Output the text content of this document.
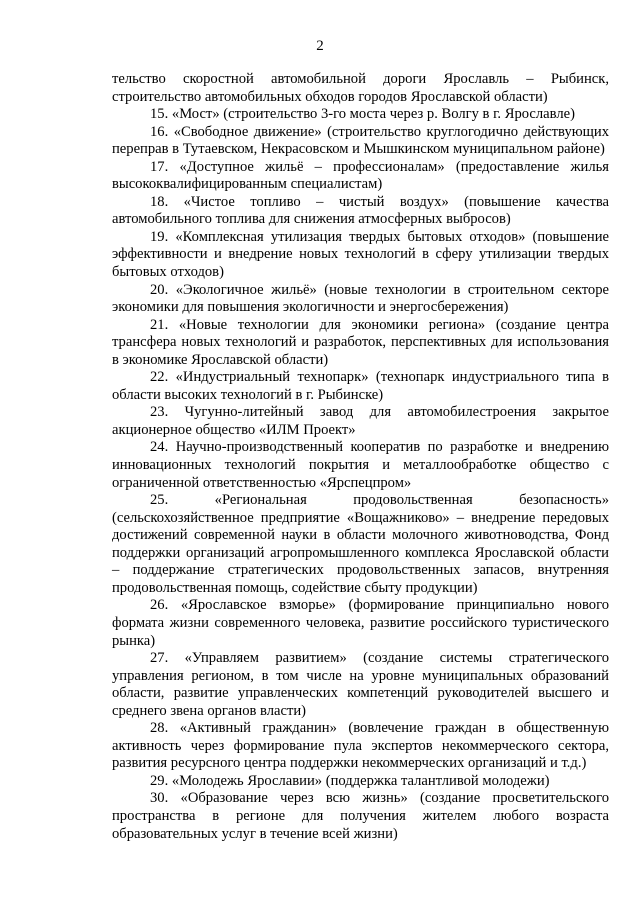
2

тельство скоростной автомобильной дороги Ярославль – Рыбинск, строительство автомобильных обходов городов Ярославской области)

15. «Мост» (строительство 3-го моста через р. Волгу в г. Ярославле)

16. «Свободное движение» (строительство круглогодично действующих переправ в Тутаевском, Некрасовском и Мышкинском муниципальном районе)

17. «Доступное жильё – профессионалам» (предоставление жилья высококвалифицированным специалистам)

18. «Чистое топливо – чистый воздух» (повышение качества автомобильного топлива для снижения атмосферных выбросов)

19. «Комплексная утилизация твердых бытовых отходов» (повышение эффективности и внедрение новых технологий в сферу утилизации твердых бытовых отходов)

20. «Экологичное жильё» (новые технологии в строительном секторе экономики для повышения экологичности и энергосбережения)

21. «Новые технологии для экономики региона» (создание центра трансфера новых технологий и разработок, перспективных для использования в экономике Ярославской области)

22. «Индустриальный технопарк» (технопарк индустриального типа в области высоких технологий в г. Рыбинске)

23. Чугунно-литейный завод для автомобилестроения закрытое акционерное общество «ИЛМ Проект»

24. Научно-производственный кооператив по разработке и внедрению инновационных технологий покрытия и металлообработке общество с ограниченной ответственностью «Ярспецпром»

25. «Региональная продовольственная безопасность» (сельскохозяйственное предприятие «Вощажниково» – внедрение передовых достижений современной науки в области молочного животноводства, Фонд поддержки организаций агропромышленного комплекса Ярославской области – поддержание стратегических продовольственных запасов, внутренняя продовольственная помощь, содействие сбыту продукции)

26. «Ярославское взморье» (формирование принципиально нового формата жизни современного человека, развитие российского туристического рынка)

27. «Управляем развитием» (создание системы стратегического управления регионом, в том числе на уровне муниципальных образований области, развитие управленческих компетенций руководителей высшего и среднего звена органов власти)

28. «Активный гражданин» (вовлечение граждан в общественную активность через формирование пула экспертов некоммерческого сектора, развития ресурсного центра поддержки некоммерческих организаций и т.д.)

29. «Молодежь Ярославии» (поддержка талантливой молодежи)

30. «Образование через всю жизнь» (создание просветительского пространства в регионе для получения жителем любого возраста образовательных услуг в течение всей жизни)
